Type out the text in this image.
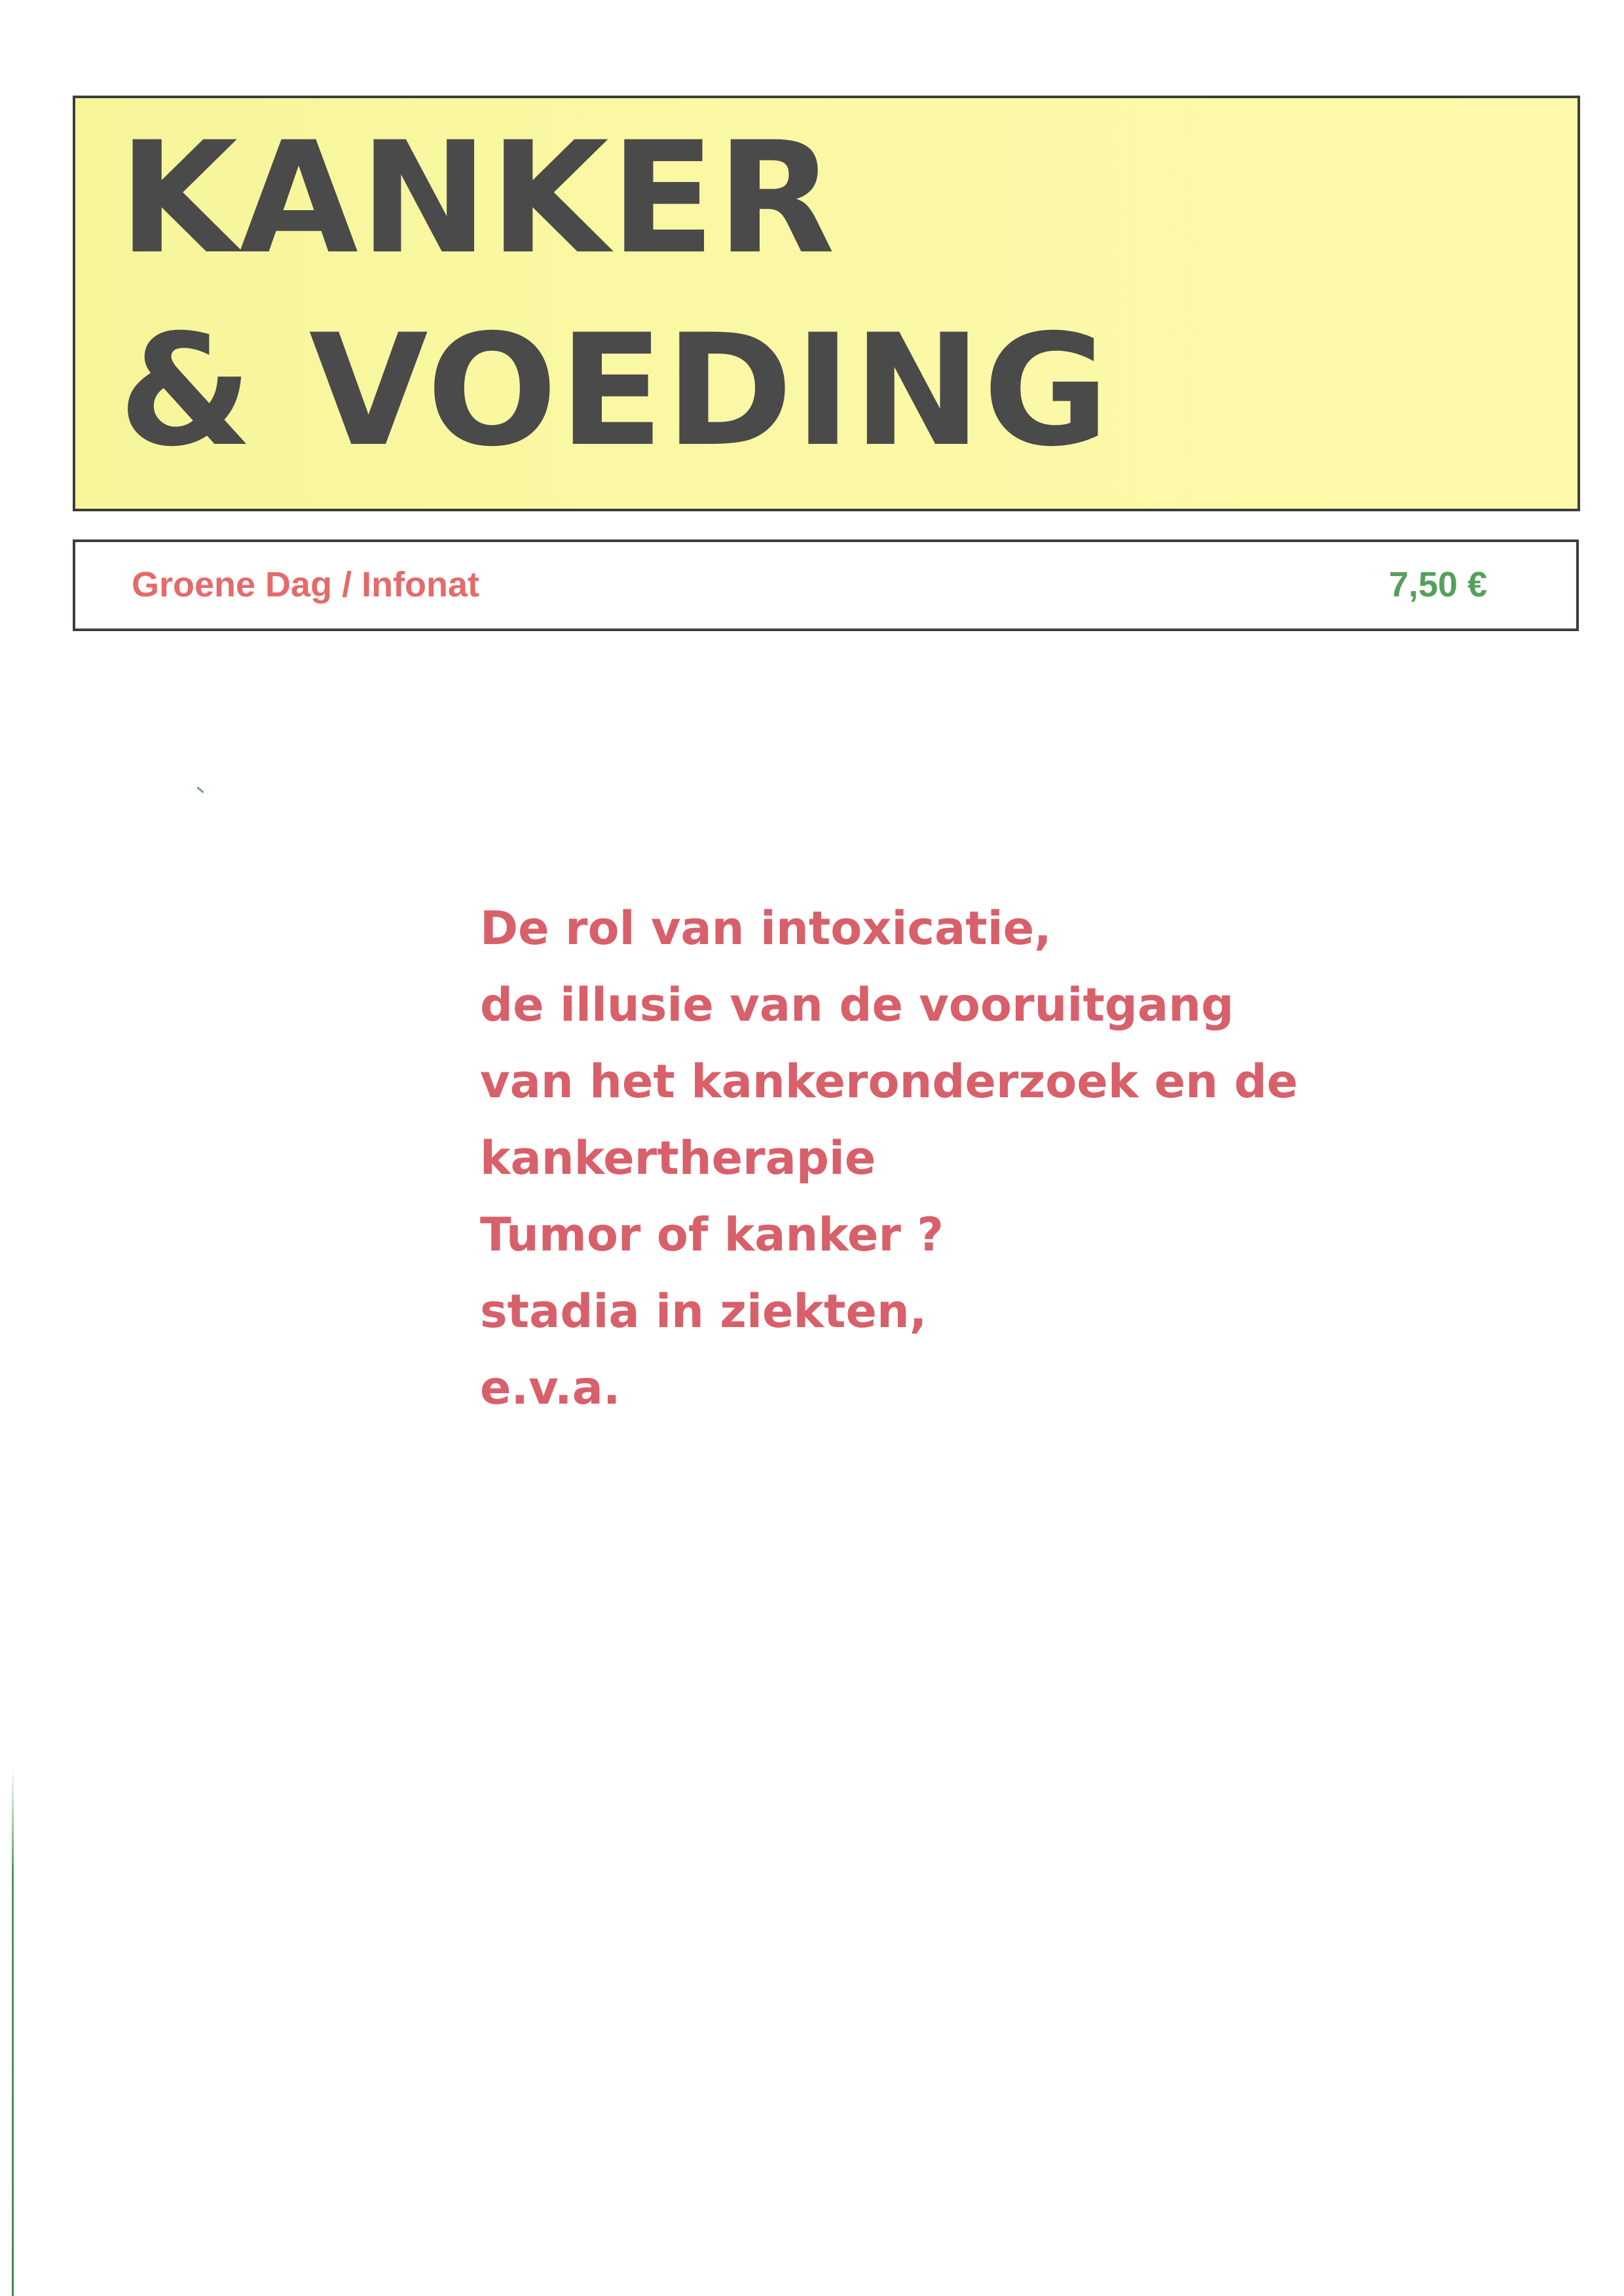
KANKER
& VOEDING
Groene Dag / Infonat	7,50 €
De rol van intoxicatie,
de illusie van de vooruitgang
van het kankeronderzoek en de
kankertherapie
Tumor of kanker ?
stadia in ziekten,
e.v.a.
